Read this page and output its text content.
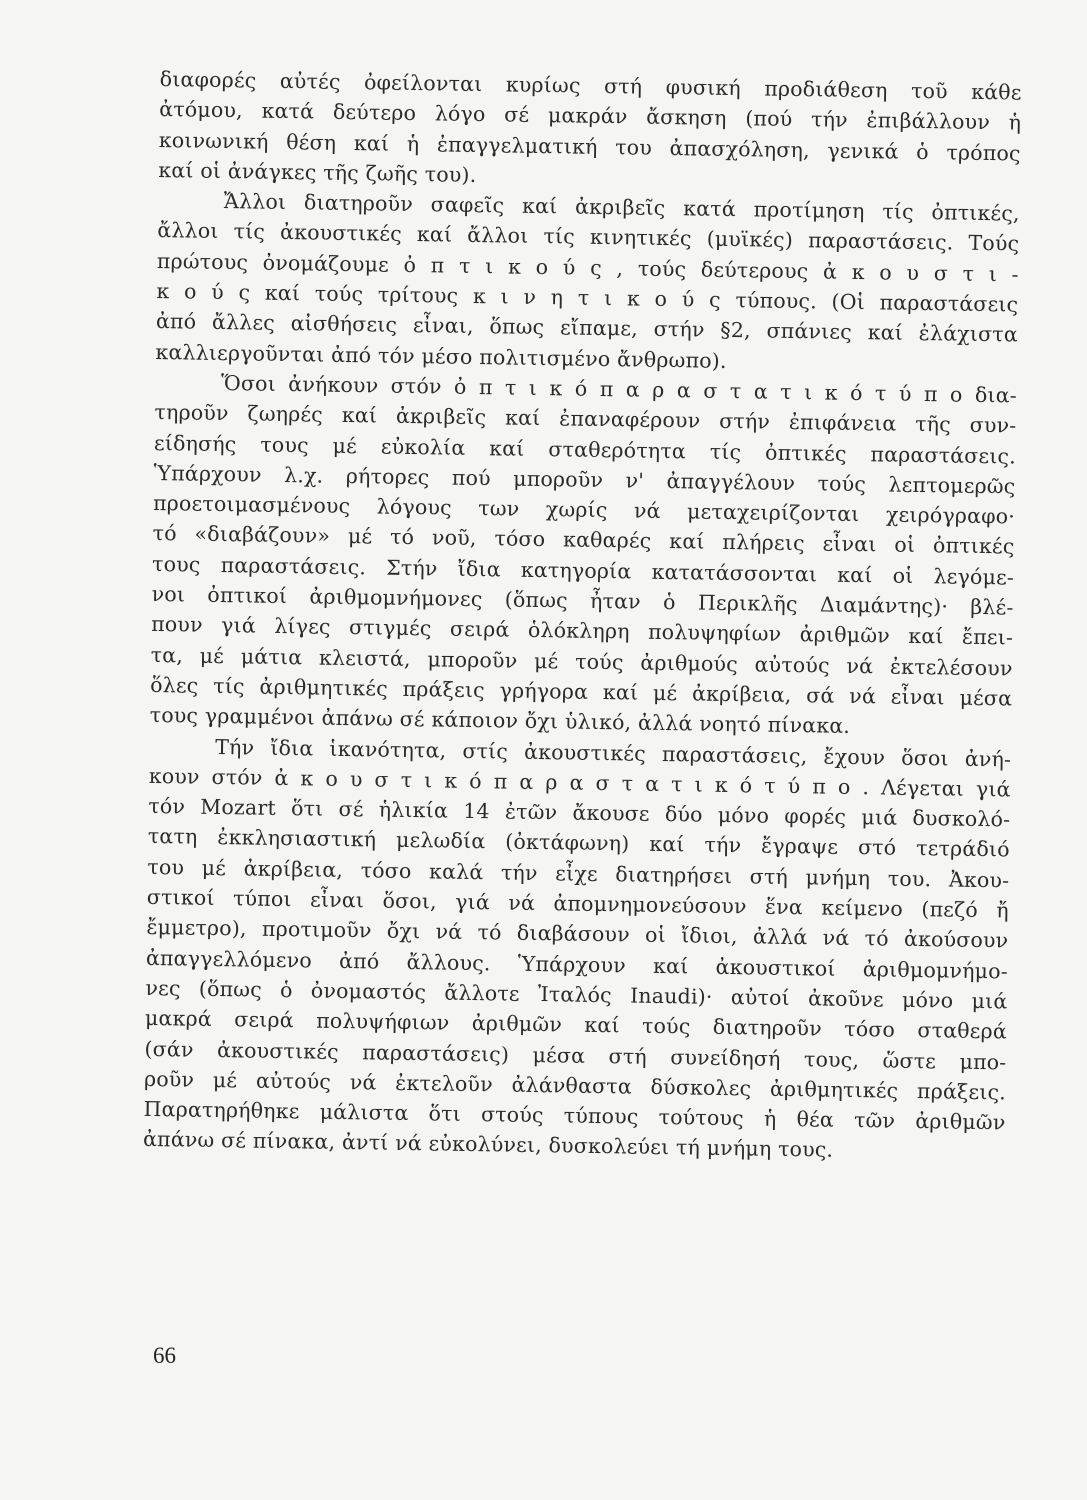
διαφορές αὐτές ὀφείλονται κυρίως στή φυσική προδιάθεση τοῦ κάθε
ἀτόμου, κατά δεύτερο λόγο σέ μακράν ἄσκηση (πού τήν ἐπιβάλλουν ἡ
κοινωνική θέση καί ἡ ἐπαγγελματική του ἀπασχόληση, γενικά ὁ τρόπος
καί οἱ ἀνάγκες τῆς ζωῆς του).
Ἄλλοι διατηροῦν σαφεῖς καί ἀκριβεῖς κατά προτίμηση τίς ὀπτικές,
ἄλλοι τίς ἀκουστικές καί ἄλλοι τίς κινητικές (μυϊκές) παραστάσεις. Τούς
πρώτους ὀνομάζουμε ὀ π τ ι κ ο ύ ς , τούς δεύτερους ἀ κ ο υ σ τ ι -
κ ο ύ ς καί τούς τρίτους κ ι ν η τ ι κ ο ύ ς τύπους. (Οἱ παραστάσεις
ἀπό ἄλλες αἰσθήσεις εἶναι, ὅπως εἴπαμε, στήν §2, σπάνιες καί ἐλάχιστα
καλλιεργοῦνται ἀπό τόν μέσο πολιτισμένο ἄνθρωπο).
Ὅσοι ἀνήκουν στόν ὀ π τ ι κ ό π α ρ α σ τ α τ ι κ ό τ ύ π ο δια-
τηροῦν ζωηρές καί ἀκριβεῖς καί ἐπαναφέρουν στήν ἐπιφάνεια τῆς συν-
είδησής τους μέ εὐκολία καί σταθερότητα τίς ὀπτικές παραστάσεις.
Ὑπάρχουν λ.χ. ρήτορες πού μποροῦν ν' ἀπαγγέλουν τούς λεπτομερῶς
προετοιμασμένους λόγους των χωρίς νά μεταχειρίζονται χειρόγραφο·
τό «διαβάζουν» μέ τό νοῦ, τόσο καθαρές καί πλήρεις εἶναι οἱ ὀπτικές
τους παραστάσεις. Στήν ἴδια κατηγορία κατατάσσονται καί οἱ λεγόμε-
νοι ὀπτικοί ἀριθμομνήμονες (ὅπως ἦταν ὁ Περικλῆς Διαμάντης)· βλέ-
πουν γιά λίγες στιγμές σειρά ὁλόκληρη πολυψηφίων ἀριθμῶν καί ἔπει-
τα, μέ μάτια κλειστά, μποροῦν μέ τούς ἀριθμούς αὐτούς νά ἐκτελέσουν
ὅλες τίς ἀριθμητικές πράξεις γρήγορα καί μέ ἀκρίβεια, σά νά εἶναι μέσα
τους γραμμένοι ἀπάνω σέ κάποιον ὄχι ὑλικό, ἀλλά νοητό πίνακα.
Τήν ἴδια ἱκανότητα, στίς ἀκουστικές παραστάσεις, ἔχουν ὅσοι ἀνή-
κουν στόν ἀ κ ο υ σ τ ι κ ό π α ρ α σ τ α τ ι κ ό τ ύ π ο . Λέγεται γιά
τόν Mozart ὅτι σέ ἡλικία 14 ἐτῶν ἄκουσε δύο μόνο φορές μιά δυσκολό-
τατη ἐκκλησιαστική μελωδία (ὀκτάφωνη) καί τήν ἔγραψε στό τετράδιό
του μέ ἀκρίβεια, τόσο καλά τήν εἶχε διατηρήσει στή μνήμη του. Ἀκου-
στικοί τύποι εἶναι ὅσοι, γιά νά ἀπομνημονεύσουν ἕνα κείμενο (πεζό ἤ
ἔμμετρο), προτιμοῦν ὄχι νά τό διαβάσουν οἱ ἴδιοι, ἀλλά νά τό ἀκούσουν
ἀπαγγελλόμενο ἀπό ἄλλους. Ὑπάρχουν καί ἀκουστικοί ἀριθμομνήμο-
νες (ὅπως ὁ ὀνομαστός ἄλλοτε Ἰταλός Inaudi)· αὐτοί ἀκοῦνε μόνο μιά
μακρά σειρά πολυψήφιων ἀριθμῶν καί τούς διατηροῦν τόσο σταθερά
(σάν ἀκουστικές παραστάσεις) μέσα στή συνείδησή τους, ὥστε μπο-
ροῦν μέ αὐτούς νά ἐκτελοῦν ἀλάνθαστα δύσκολες ἀριθμητικές πράξεις.
Παρατηρήθηκε μάλιστα ὅτι στούς τύπους τούτους ἡ θέα τῶν ἀριθμῶν
ἀπάνω σέ πίνακα, ἀντί νά εὐκολύνει, δυσκολεύει τή μνήμη τους.
66
